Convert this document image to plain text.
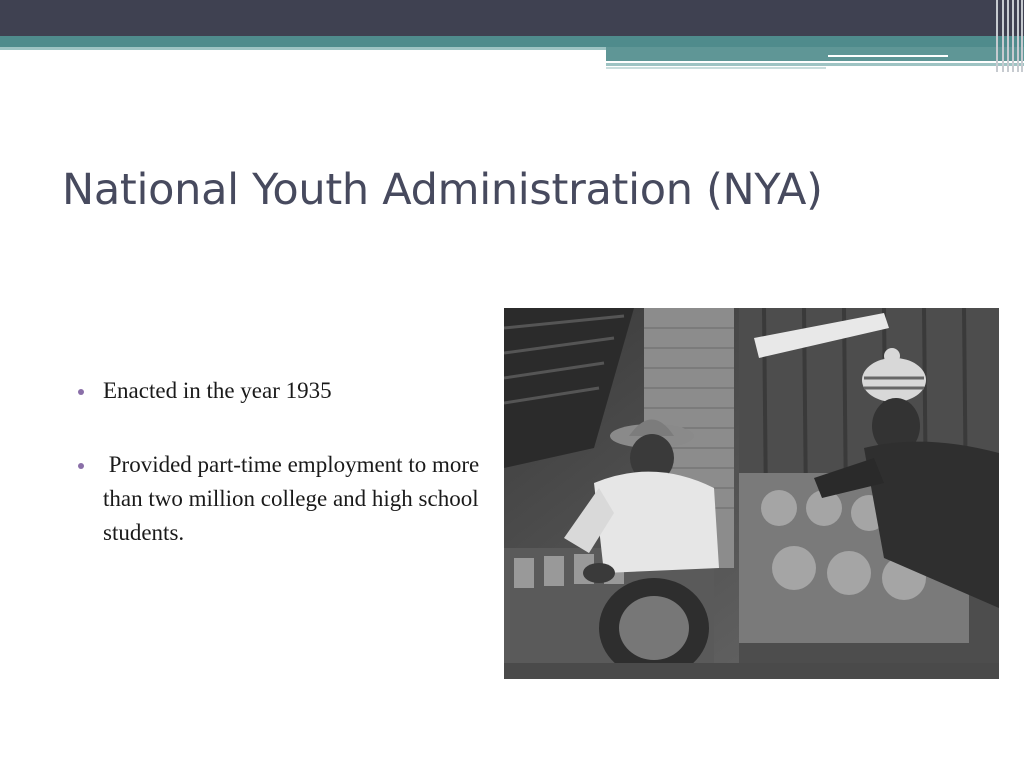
National Youth Administration (NYA)
Enacted in the year 1935
Provided part-time employment to more than two million college and high school students.
